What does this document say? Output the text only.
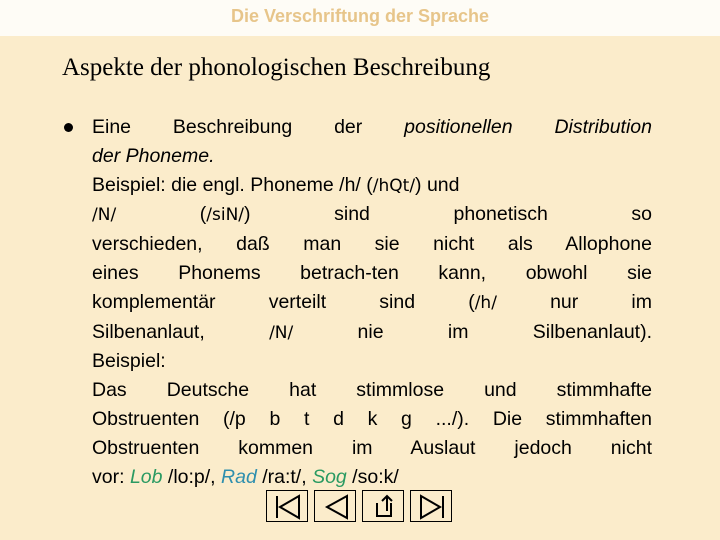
Die Verschriftung der Sprache
Aspekte der phonologischen Beschreibung
Eine Beschreibung der positionellen Distribution
der Phoneme.
Beispiel: die engl. Phoneme /h/ (/hQt/) und
/N/	(/siN/) sind phonetisch so
verschieden, daß man sie nicht als Allophone
eines Phonems betrach-ten kann, obwohl sie
komplementär verteilt sind (/h/ nur im
Silbenanlaut, /N/ nie im Silbenanlaut).
Beispiel:
Das Deutsche hat stimmlose und stimmhafte
Obstruenten (/p b t d k g .../). Die stimmhaften
Obstruenten kommen im Auslaut jedoch nicht
vor: Lob /lo:p/, Rad /ra:t/, Sog /so:k/
